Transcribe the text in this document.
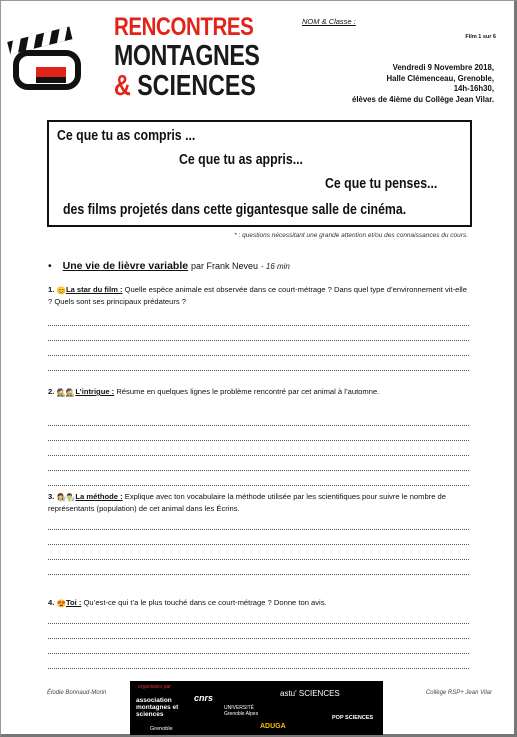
RENCONTRES
MONTAGNES
& SCIENCES
NOM & Classe :
Film 1 sur 6
Vendredi 9 Novembre 2018,
Halle Clémenceau, Grenoble,
14h-16h30,
élèves de 4ième du Collège Jean Vilar.
Ce que tu as compris ...
Ce que tu as appris...
Ce que tu penses...
des films projetés dans cette gigantesque salle de cinéma.
* : questions nécessitant une grande attention et/ou des connaissances du cours.
• Une vie de lièvre variable par Frank Neveu - 16 min
1. 😊La star du film : Quelle espèce animale est observée dans ce court-métrage ? Dans quel type d’environnement vit-elle ? Quels sont ses principaux prédateurs ?
2. 🕵️🕵️L’intrigue : Résume en quelques lignes le problème rencontré par cet animal à l’automne.
3. 👩‍🔬👨‍🔬La méthode : Explique avec ton vocabulaire la méthode utilisée par les scientifiques pour suivre le nombre de représentants (population) de cet animal dans les Écrins.
4. 😍Toi : Qu’est-ce qui t’a le plus touché dans ce court-métrage ? Donne ton avis.
Élodie Bonnaud-Morin	Collège RSP+ Jean Vilar
organisées par
association montagnes et sciences
cnrs
UNIVERSITÉ Grenoble Alpes
astu' SCIENCES
ADUGA
POP SCIENCES
Grenoble
